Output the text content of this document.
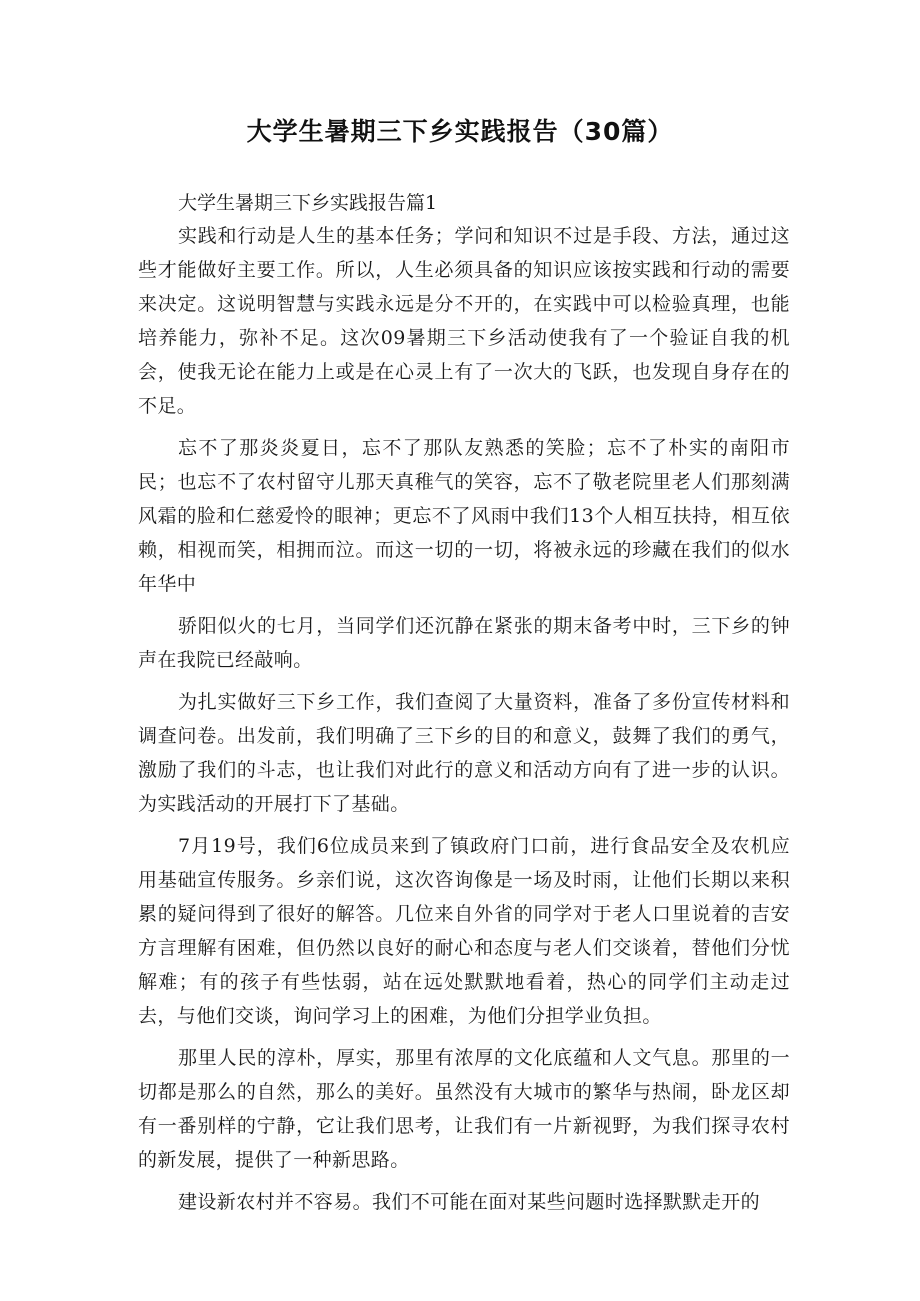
大学生暑期三下乡实践报告（30篇）

大学生暑期三下乡实践报告篇1

实践和行动是人生的基本任务；学问和知识不过是手段、方法，通过这些才能做好主要工作。所以，人生必须具备的知识应该按实践和行动的需要来决定。这说明智慧与实践永远是分不开的，在实践中可以检验真理，也能培养能力，弥补不足。这次09暑期三下乡活动使我有了一个验证自我的机会，使我无论在能力上或是在心灵上有了一次大的飞跃，也发现自身存在的不足。

忘不了那炎炎夏日，忘不了那队友熟悉的笑脸；忘不了朴实的南阳市民；也忘不了农村留守儿那天真稚气的笑容，忘不了敬老院里老人们那刻满风霜的脸和仁慈爱怜的眼神；更忘不了风雨中我们13个人相互扶持，相互依赖，相视而笑，相拥而泣。而这一切的一切，将被永远的珍藏在我们的似水年华中

骄阳似火的七月，当同学们还沉静在紧张的期末备考中时，三下乡的钟声在我院已经敲响。

为扎实做好三下乡工作，我们查阅了大量资料，准备了多份宣传材料和调查问卷。出发前，我们明确了三下乡的目的和意义，鼓舞了我们的勇气，激励了我们的斗志，也让我们对此行的意义和活动方向有了进一步的认识。为实践活动的开展打下了基础。

7月19号，我们6位成员来到了镇政府门口前，进行食品安全及农机应用基础宣传服务。乡亲们说，这次咨询像是一场及时雨，让他们长期以来积累的疑问得到了很好的解答。几位来自外省的同学对于老人口里说着的吉安方言理解有困难，但仍然以良好的耐心和态度与老人们交谈着，替他们分忧解难；有的孩子有些怯弱，站在远处默默地看着，热心的同学们主动走过去，与他们交谈，询问学习上的困难，为他们分担学业负担。

那里人民的淳朴，厚实，那里有浓厚的文化底蕴和人文气息。那里的一切都是那么的自然，那么的美好。虽然没有大城市的繁华与热闹，卧龙区却有一番别样的宁静，它让我们思考，让我们有一片新视野，为我们探寻农村的新发展，提供了一种新思路。

建设新农村并不容易。我们不可能在面对某些问题时选择默默走开的
